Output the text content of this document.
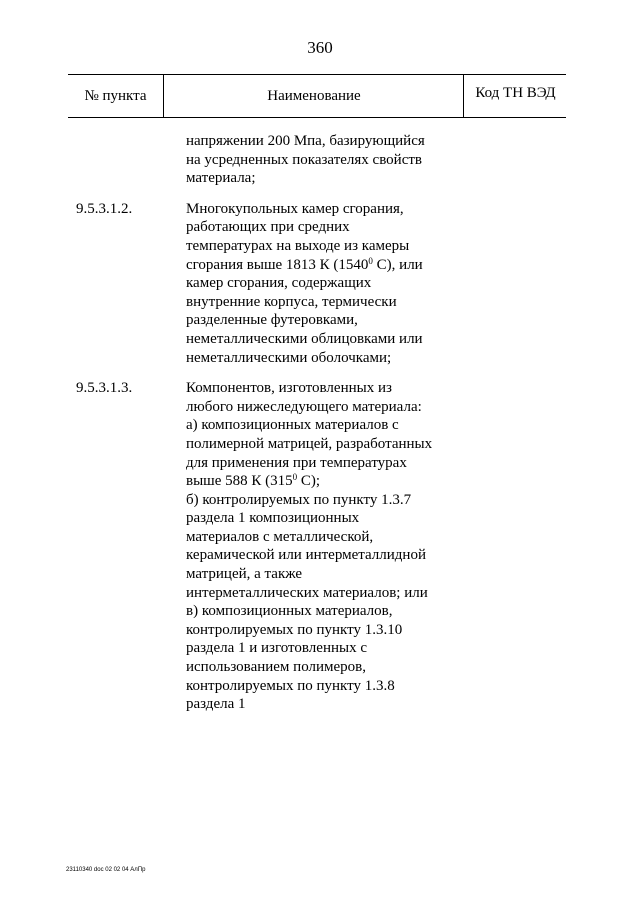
360
№ пункта	Наименование	Код ТН ВЭД
напряжении 200 Мпа, базирующийся
на усредненных показателях свойств
материала;
9.5.3.1.2.	Многокупольных камер сгорания,
работающих при средних
температурах на выходе из камеры
сгорания выше 1813 К (1540$^0$ С), или
камер сгорания, содержащих
внутренние корпуса, термически
разделенные футеровками,
неметаллическими облицовками или
неметаллическими оболочками;
9.5.3.1.3.	Компонентов, изготовленных из
любого нижеследующего материала:
а) композиционных материалов с
полимерной матрицей, разработанных
для применения при температурах
выше 588 К ($315^0$ С);
б) контролируемых по пункту 1.3.7
раздела 1 композиционных
материалов с металлической,
керамической или интерметаллидной
матрицей, а также
интерметаллических материалов; или
в) композиционных материалов,
контролируемых по пункту 1.3.10
раздела 1 и изготовленных с
использованием полимеров,
контролируемых по пункту 1.3.8
раздела 1
23110340 doc 02 02 04 АлПр
